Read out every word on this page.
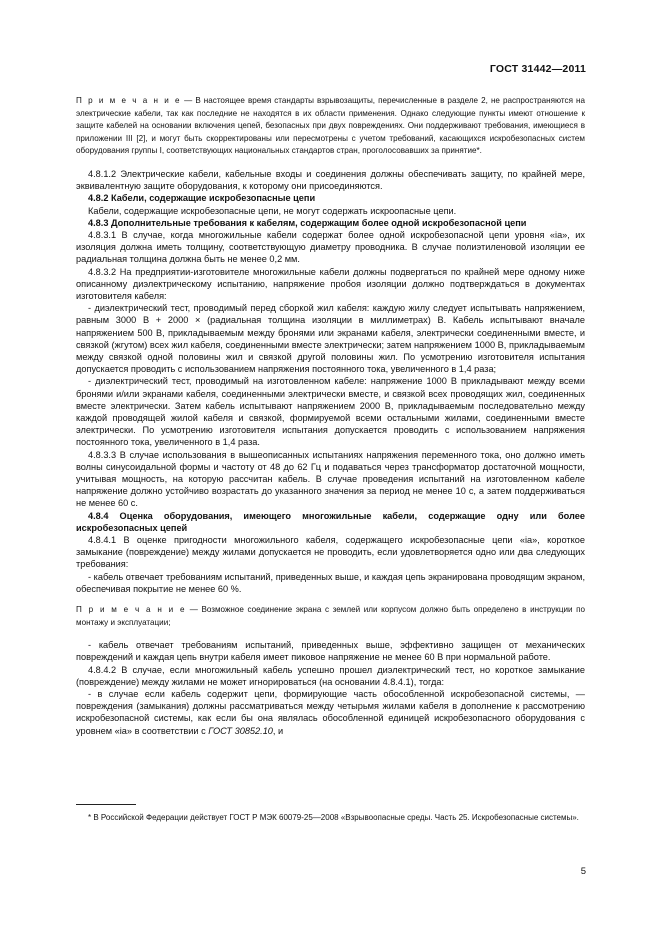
ГОСТ 31442—2011

П р и м е ч а н и е — В настоящее время стандарты взрывозащиты, перечисленные в разделе 2, не распространяются на электрические кабели, так как последние не находятся в их области применения. Однако следующие пункты имеют отношение к защите кабелей на основании включения цепей, безопасных при двух повреждениях. Они поддерживают требования, имеющиеся в приложении III [2], и могут быть скорректированы или пересмотрены с учетом требований, касающихся искробезопасных систем оборудования группы I, соответствующих национальных стандартов стран, проголосовавших за принятие*.

4.8.1.2 Электрические кабели, кабельные входы и соединения должны обеспечивать защиту, по крайней мере, эквивалентную защите оборудования, к которому они присоединяются.

4.8.2 Кабели, содержащие искробезопасные цепи

Кабели, содержащие искробезопасные цепи, не могут содержать искроопасные цепи.

4.8.3 Дополнительные требования к кабелям, содержащим более одной искробезопасной цепи

4.8.3.1 В случае, когда многожильные кабели содержат более одной искробезопасной цепи уровня «ia», их изоляция должна иметь толщину, соответствующую диаметру проводника. В случае полиэтиленовой изоляции ее радиальная толщина должна быть не менее 0,2 мм.

4.8.3.2 На предприятии-изготовителе многожильные кабели должны подвергаться по крайней мере одному ниже описанному диэлектрическому испытанию, напряжение пробоя изоляции должно подтверждаться в документах изготовителя кабеля:

- диэлектрический тест, проводимый перед сборкой жил кабеля: каждую жилу следует испытывать напряжением, равным 3000 В + 2000 × (радиальная толщина изоляции в миллиметрах) В. Кабель испытывают вначале напряжением 500 В, прикладываемым между бронями или экранами кабеля, электрически соединенными вместе, и связкой (жгутом) всех жил кабеля, соединенными вместе электрически; затем напряжением 1000 В, прикладываемым между связкой одной половины жил и связкой другой половины жил. По усмотрению изготовителя испытания допускается проводить с использованием напряжения постоянного тока, увеличенного в 1,4 раза;

- диэлектрический тест, проводимый на изготовленном кабеле: напряжение 1000 В прикладывают между всеми бронями и/или экранами кабеля, соединенными электрически вместе, и связкой всех проводящих жил, соединенных вместе электрически. Затем кабель испытывают напряжением 2000 В, прикладываемым последовательно между каждой проводящей жилой кабеля и связкой, формируемой всеми остальными жилами, соединенными вместе электрически. По усмотрению изготовителя испытания допускается проводить с использованием напряжения постоянного тока, увеличенного в 1,4 раза.

4.8.3.3 В случае использования в вышеописанных испытаниях напряжения переменного тока, оно должно иметь волны синусоидальной формы и частоту от 48 до 62 Гц и подаваться через трансформатор достаточной мощности, учитывая мощность, на которую рассчитан кабель. В случае проведения испытаний на изготовленном кабеле напряжение должно устойчиво возрастать до указанного значения за период не менее 10 с, а затем поддерживаться не менее 60 с.

4.8.4 Оценка оборудования, имеющего многожильные кабели, содержащие одну или более искробезопасных цепей

4.8.4.1 В оценке пригодности многожильного кабеля, содержащего искробезопасные цепи «ia», короткое замыкание (повреждение) между жилами допускается не проводить, если удовлетворяется одно или два следующих требования:

- кабель отвечает требованиям испытаний, приведенных выше, и каждая цепь экранирована проводящим экраном, обеспечивая покрытие не менее 60 %.

П р и м е ч а н и е — Возможное соединение экрана с землей или корпусом должно быть определено в инструкции по монтажу и эксплуатации;

- кабель отвечает требованиям испытаний, приведенных выше, эффективно защищен от механических повреждений и каждая цепь внутри кабеля имеет пиковое напряжение не менее 60 В при нормальной работе.

4.8.4.2 В случае, если многожильный кабель успешно прошел диэлектрический тест, но короткое замыкание (повреждение) между жилами не может игнорироваться (на основании 4.8.4.1), тогда:

- в случае если кабель содержит цепи, формирующие часть обособленной искробезопасной системы, — повреждения (замыкания) должны рассматриваться между четырьмя жилами кабеля в дополнение к рассмотрению искробезопасной системы, как если бы она являлась обособленной единицей искробезопасного оборудования с уровнем «ia» в соответствии с ГОСТ 30852.10, и

* В Российской Федерации действует ГОСТ Р МЭК 60079-25—2008 «Взрывоопасные среды. Часть 25. Искробезопасные системы».

5
